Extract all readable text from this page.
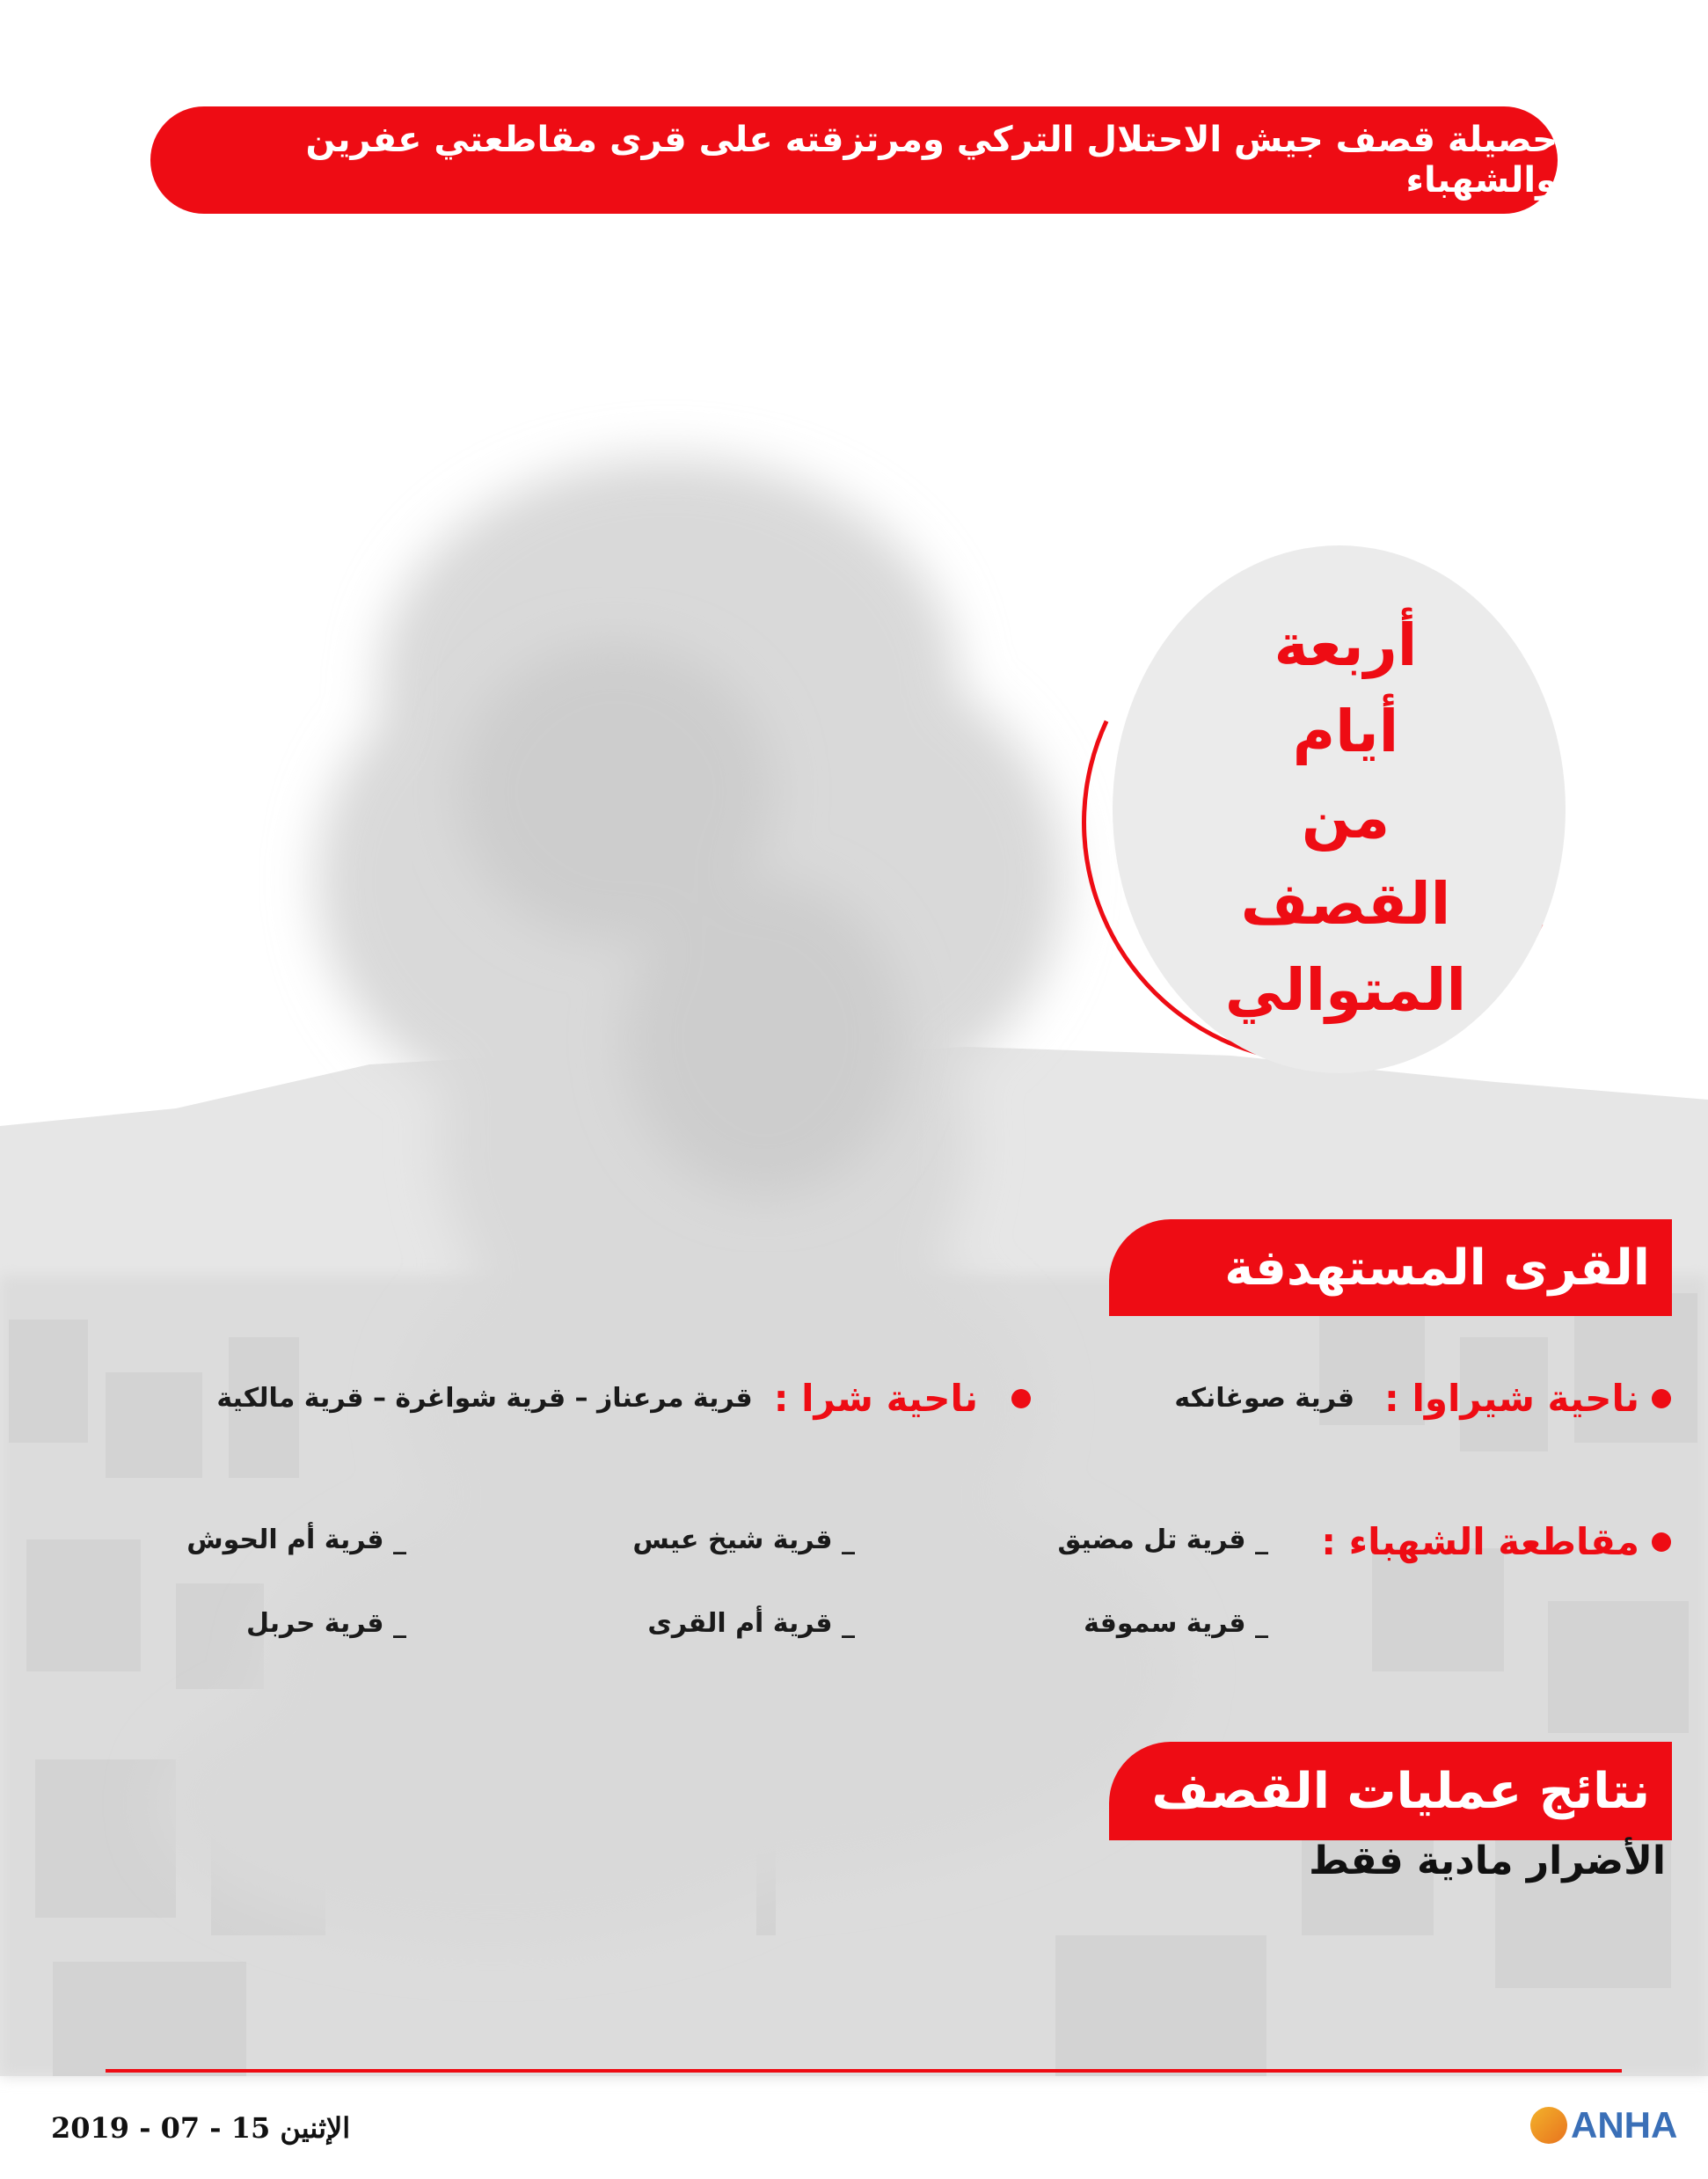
حصيلة قصف جيش الاحتلال التركي ومرتزقته على قرى مقاطعتي عفرين والشهباء
أربعة
أيام
من
القصف
المتوالي
القرى المستهدفة
ناحية شيراوا :
قرية صوغانكه
ناحية شرا :
قرية مرعناز – قرية شواغرة – قرية مالكية
مقاطعة الشهباء :
_ قرية تل مضيق
_ قرية سموقة
_ قرية شيخ عيس
_ قرية أم القرى
_ قرية أم الحوش
_ قرية حربل
نتائج عمليات القصف
الأضرار مادية فقط
الإثنين 15 - 07 - 2019	ANHA
